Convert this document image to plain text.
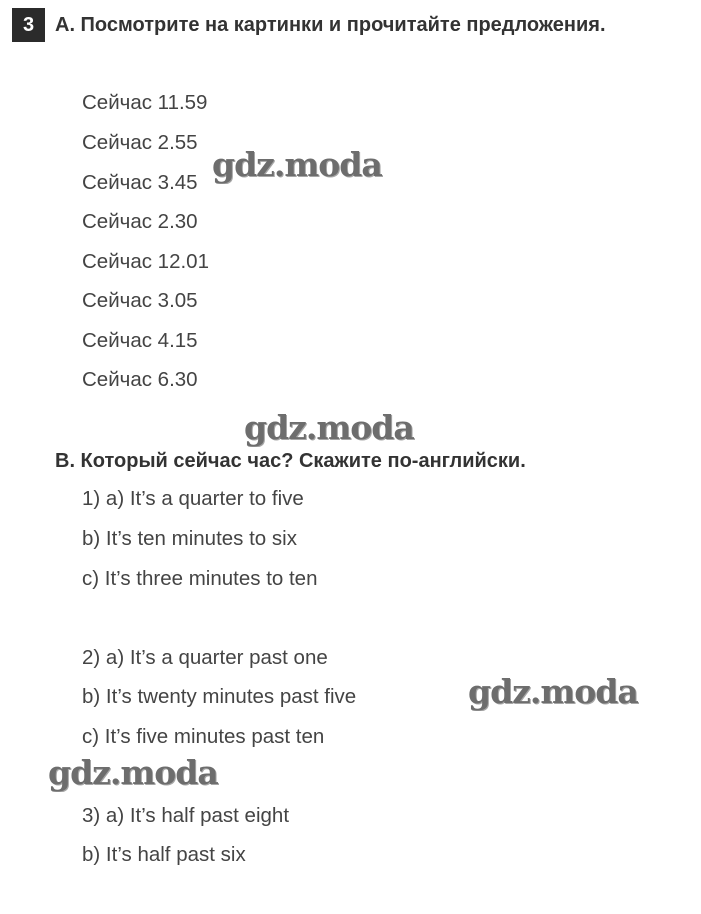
3	A. Посмотрите на картинки и прочитайте предложения.
Сейчас 11.59
Сейчас 2.55
Сейчас 3.45
Сейчас 2.30
Сейчас 12.01
Сейчас 3.05
Сейчас 4.15
Сейчас 6.30
B. Который сейчас час? Скажите по-английски.
1) a) It’s a quarter to five
b) It’s ten minutes to six
c) It’s three minutes to ten
2) a) It’s a quarter past one
b) It’s twenty minutes past five
c) It’s five minutes past ten
3) a) It’s half past eight
b) It’s half past six
gdz.moda
gdz.moda
gdz.moda
gdz.moda
